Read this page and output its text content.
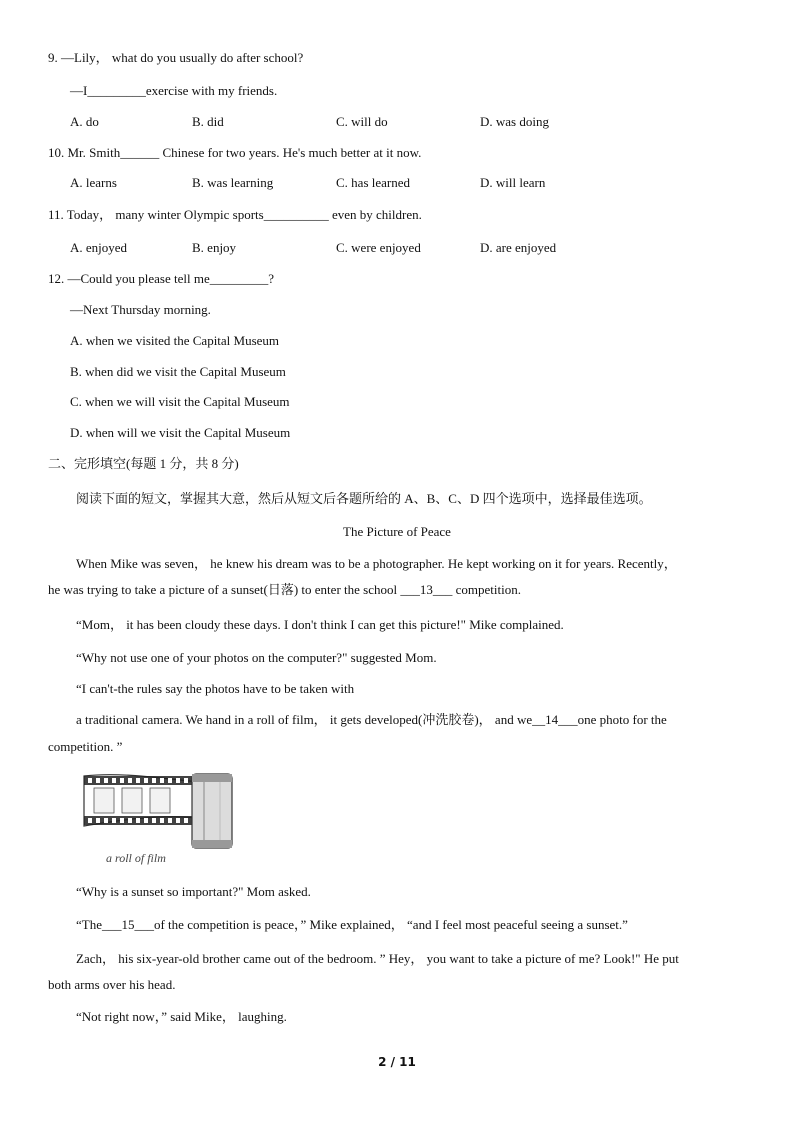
9. —Lily， what do you usually do after school?
—I_________exercise with my friends.
A. do	B. did	C. will do	D. was doing
10. Mr. Smith______ Chinese for two years. He's much better at it now.
A. learns	B. was learning	C. has learned	D. will learn
11. Today， many winter Olympic sports__________ even by children.
A. enjoyed	B. enjoy	C. were enjoyed	D. are enjoyed
12. —Could you please tell me_________?
—Next Thursday morning.
A. when we visited the Capital Museum
B. when did we visit the Capital Museum
C. when we will visit the Capital Museum
D. when will we visit the Capital Museum
二、完形填空(每题 1 分，共 8 分)
阅读下面的短文，掌握其大意，然后从短文后各题所给的 A、B、C、D 四个选项中，选择最佳选项。
The Picture of Peace
When Mike was seven， he knew his dream was to be a photographer. He kept working on it for years. Recently，
he was trying to take a picture of a sunset(日落) to enter the school ___13___ competition.
“Mom， it has been cloudy these days. I don't think I can get this picture!" Mike complained.
“Why not use one of your photos on the computer?" suggested Mom.
“I can't-the rules say the photos have to be taken with
a traditional camera. We hand in a roll of film， it gets developed(冲洗胶卷)， and we__14___one photo for the
competition. ”
a roll of film
“Why is a sunset so important?" Mom asked.
“The___15___of the competition is peace，” Mike explained， “and I feel most peaceful seeing a sunset.”
Zach， his six-year-old brother came out of the bedroom. ” Hey， you want to take a picture of me? Look!" He put
both arms over his head.
“Not right now，” said Mike， laughing.
2 / 11
